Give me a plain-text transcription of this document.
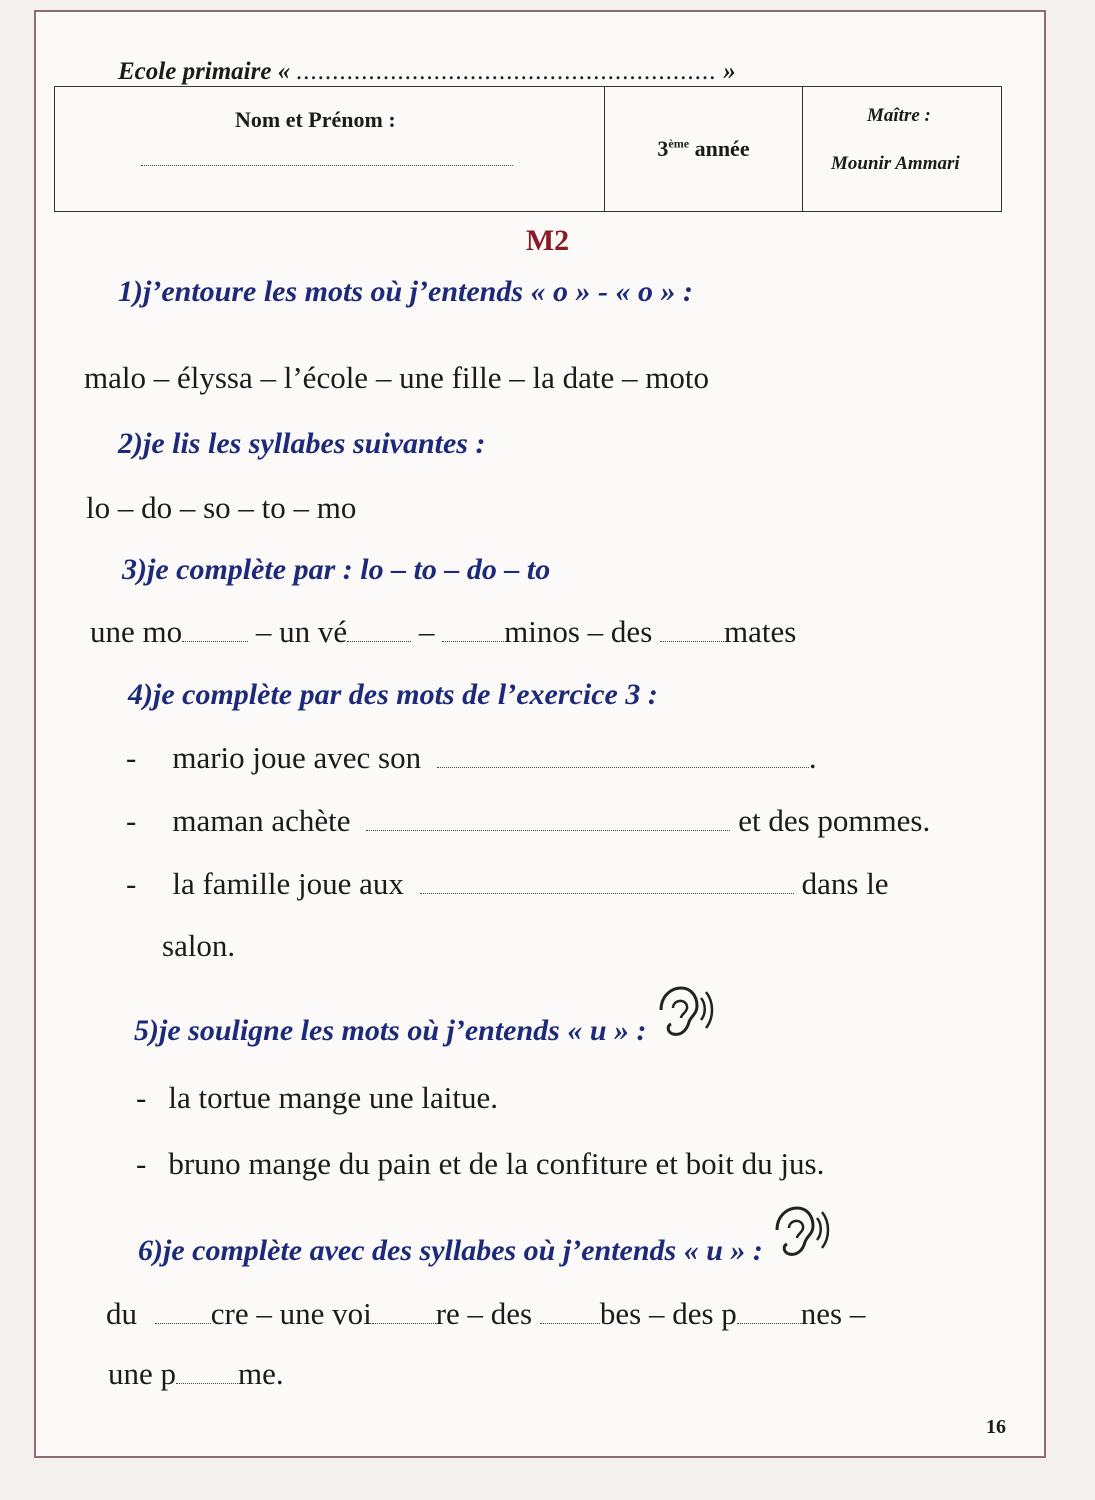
Ecole primaire « .......................................................... »
Nom et Prénom :
3ème année
Maître :
Mounir Ammari
M2
1)j’entoure les mots où j’entends « o » - « o » :
malo – élyssa – l’école – une fille – la date – moto
2)je lis les syllabes suivantes :
lo – do – so – to – mo
3)je complète par : lo – to – do – to
une mo – un vé – minos – des mates
4)je complète par des mots de l’exercice 3 :
- mario joue avec son	.
- maman achète	et des pommes.
- la famille joue aux	dans le
salon.
5)je souligne les mots où j’entends « u » :
- la tortue mange une laitue.
- bruno mange du pain et de la confiture et boit du jus.
6)je complète avec des syllabes où j’entends « u » :
du cre – une voi re – des bes – des p nes –
une p me.
16
